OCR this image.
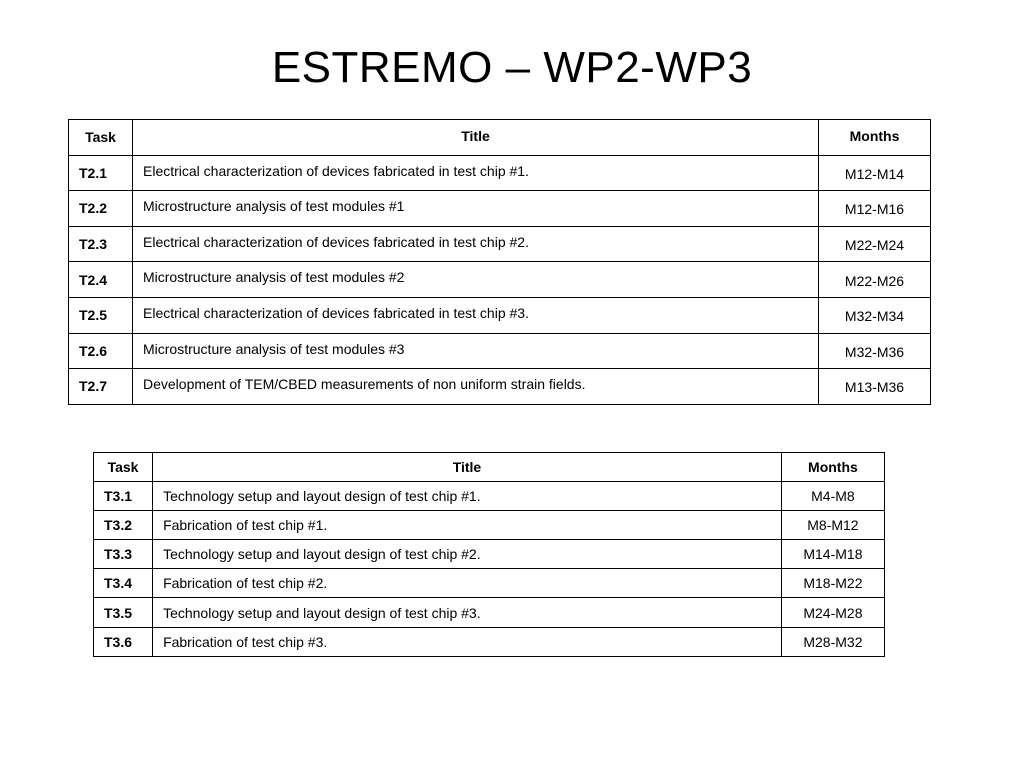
ESTREMO – WP2-WP3
Task	Title	Months
T2.1	Electrical characterization of devices fabricated in test chip #1.	M12-M14
T2.2	Microstructure analysis of test modules #1	M12-M16
T2.3	Electrical characterization of devices fabricated in test chip #2.	M22-M24
T2.4	Microstructure analysis of test modules #2	M22-M26
T2.5	Electrical characterization of devices fabricated in test chip #3.	M32-M34
T2.6	Microstructure analysis of test modules #3	M32-M36
T2.7	Development of TEM/CBED measurements of non uniform strain fields.	M13-M36
Task	Title	Months
T3.1	Technology setup and layout design of test chip #1.	M4-M8
T3.2	Fabrication of test chip #1.	M8-M12
T3.3	Technology setup and layout design of test chip #2.	M14-M18
T3.4	Fabrication of test chip #2.	M18-M22
T3.5	Technology setup and layout design of test chip #3.	M24-M28
T3.6	Fabrication of test chip #3.	M28-M32
